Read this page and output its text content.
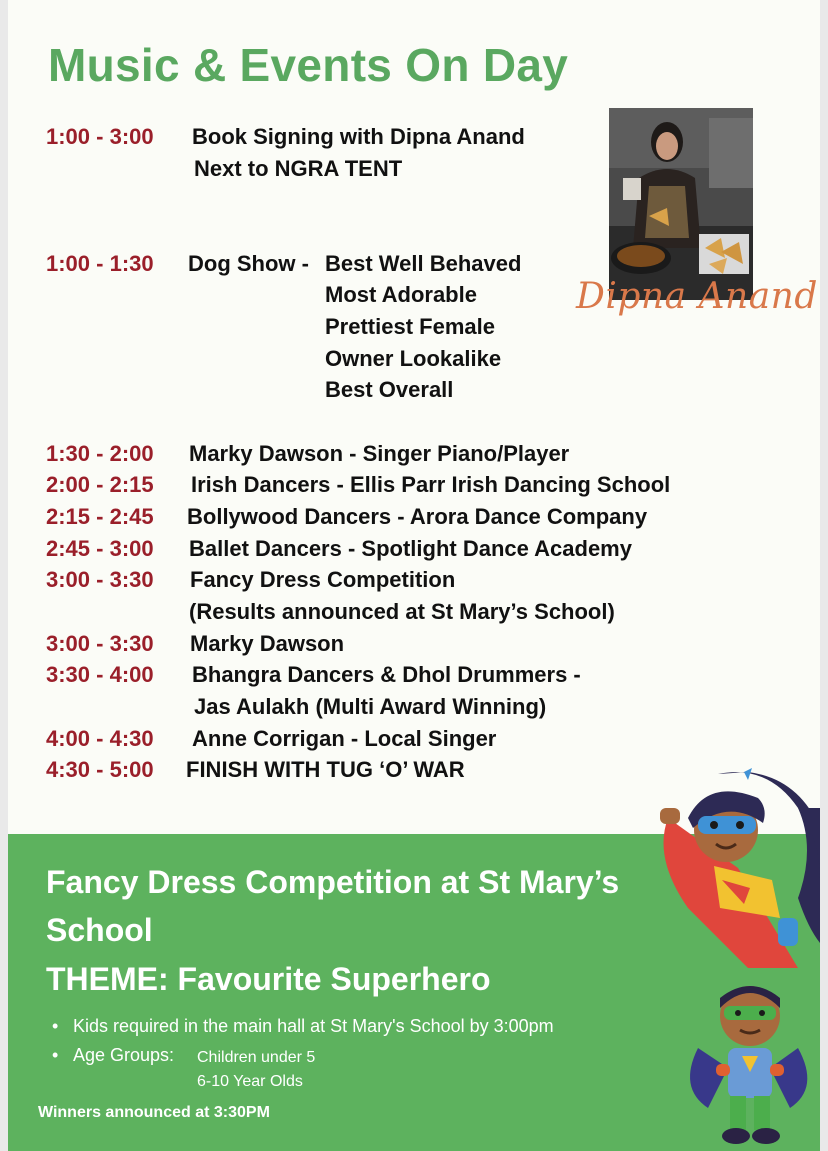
Music & Events On Day
1:00 - 3:00 Book Signing with Dipna Anand
Next to NGRA TENT
1:00 - 1:30 Dog Show - Best Well Behaved
Most Adorable
Prettiest Female
Owner Lookalike
Best Overall
1:30 - 2:00 Marky Dawson - Singer Piano/Player
2:00 - 2:15 Irish Dancers - Ellis Parr Irish Dancing School
2:15 - 2:45 Bollywood Dancers - Arora Dance Company
2:45 - 3:00 Ballet Dancers - Spotlight Dance Academy
3:00 - 3:30 Fancy Dress Competition
(Results announced at St Mary’s School)
3:00 - 3:30 Marky Dawson
3:30 - 4:00 Bhangra Dancers & Dhol Drummers -
Jas Aulakh (Multi Award Winning)
4:00 - 4:30 Anne Corrigan - Local Singer
4:30 - 5:00 FINISH WITH TUG ‘O’ WAR
Dipna Anand
Fancy Dress Competition at St Mary’s
School
THEME: Favourite Superhero
• Kids required in the main hall at St Mary's School by 3:00pm
• Age Groups: Children under 5
6-10 Year Olds
Winners announced at 3:30PM
